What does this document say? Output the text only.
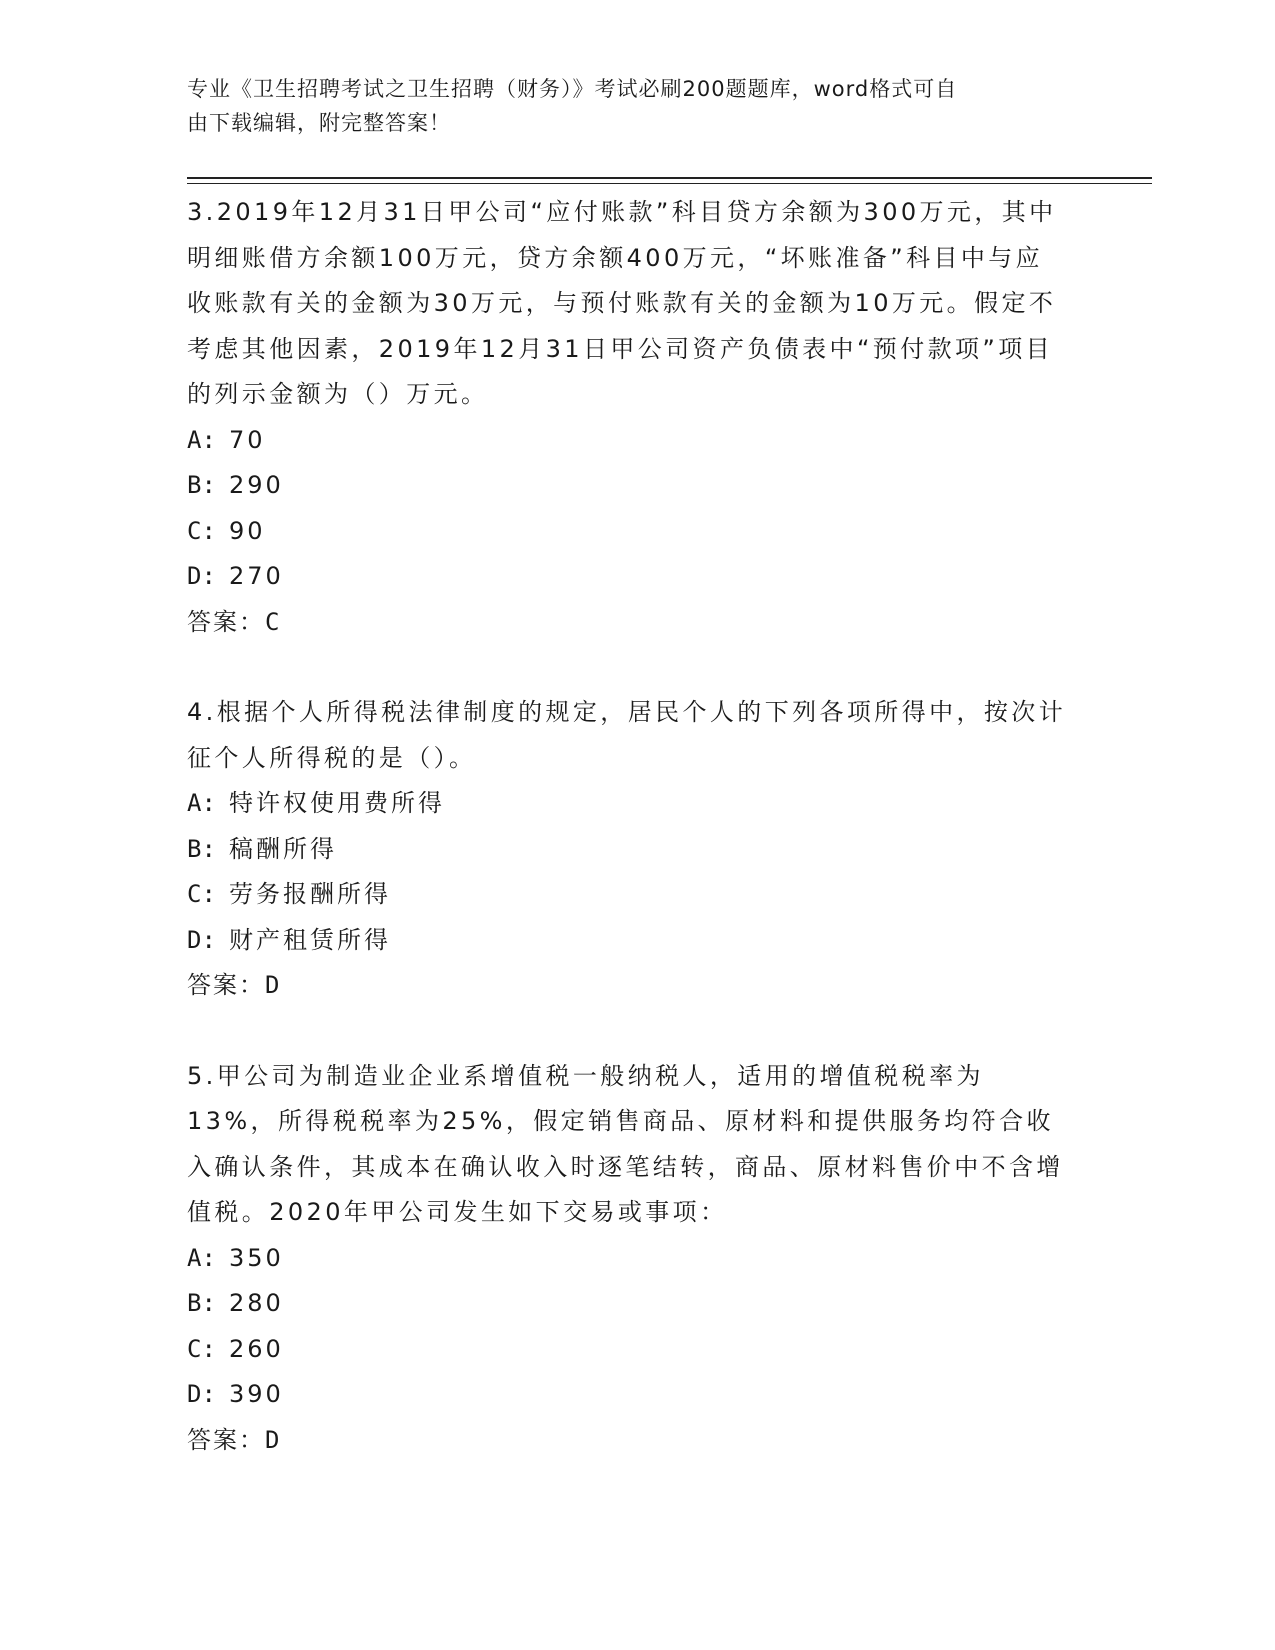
专业《卫生招聘考试之卫生招聘（财务）》考试必刷200题题库，word格式可自
由下载编辑，附完整答案！

3.2019年12月31日甲公司“应付账款”科目贷方余额为300万元，其中明细账借方余额100万元，贷方余额400万元，“坏账准备”科目中与应收账款有关的金额为30万元，与预付账款有关的金额为10万元。假定不考虑其他因素，2019年12月31日甲公司资产负债表中“预付款项”项目的列示金额为（）万元。

A: 70
B: 290
C: 90
D: 270
答案： C

4.根据个人所得税法律制度的规定，居民个人的下列各项所得中，按次计征个人所得税的是（）。

A: 特许权使用费所得
B: 稿酬所得
C: 劳务报酬所得
D: 财产租赁所得
答案： D

5.甲公司为制造业企业系增值税一般纳税人，适用的增值税税率为13%，所得税税率为25%，假定销售商品、原材料和提供服务均符合收入确认条件，其成本在确认收入时逐笔结转，商品、原材料售价中不含增值税。2020年甲公司发生如下交易或事项：

A: 350
B: 280
C: 260
D: 390
答案： D
